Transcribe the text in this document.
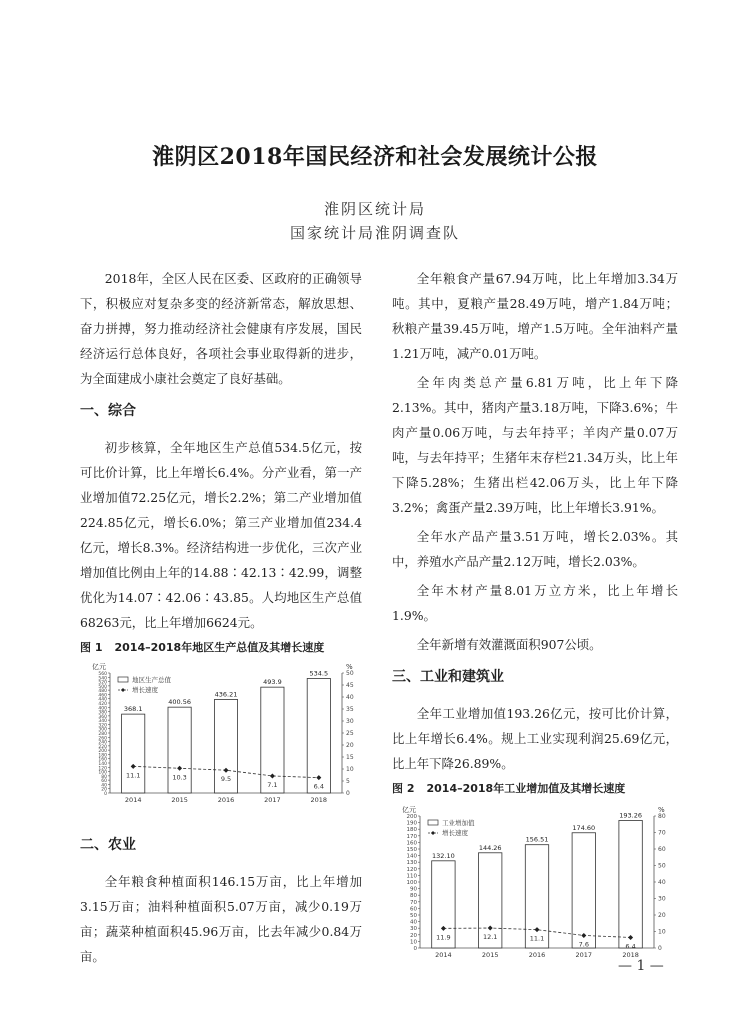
淮阴区2018年国民经济和社会发展统计公报
淮阴区统计局
国家统计局淮阴调查队

2018年，全区人民在区委、区政府的正确领导下，积极应对复杂多变的经济新常态，解放思想、奋力拼搏，努力推动经济社会健康有序发展，国民经济运行总体良好，各项社会事业取得新的进步，为全面建成小康社会奠定了良好基础。

一、综合

初步核算，全年地区生产总值534.5亿元，按可比价计算，比上年增长6.4%。分产业看，第一产业增加值72.25亿元，增长2.2%；第二产业增加值224.85亿元，增长6.0%；第三产业增加值234.4亿元，增长8.3%。经济结构进一步优化，三次产业增加值比例由上年的14.88∶42.13∶42.99，调整优化为14.07∶42.06∶43.85。人均地区生产总值68263元，比上年增加6624元。

图 1 2014–2018年地区生产总值及其增长速度
亿元	%
0
20
40
60
80
100
120
140
160
180
200
220
240
260
280
300
320
340
360
380
400
420
440
460
480
500
520
540
560
0
5
10
15
20
25
30
35
40
45
50
368.1
2014
400.56
2015
436.21
2016
493.9
2017
534.5
2018
11.1	10.3	9.5
7.1	6.4
地区生产总值
增长速度
二、农业

全年粮食种植面积146.15万亩，比上年增加3.15万亩；油料种植面积5.07万亩，减少0.19万亩；蔬菜种植面积45.96万亩，比去年减少0.84万亩。

全年粮食产量67.94万吨，比上年增加3.34万吨。其中，夏粮产量28.49万吨，增产1.84万吨；秋粮产量39.45万吨，增产1.5万吨。全年油料产量1.21万吨，减产0.01万吨。

全年肉类总产量6.81万吨，比上年下降2.13%。其中，猪肉产量3.18万吨，下降3.6%；牛肉产量0.06万吨，与去年持平；羊肉产量0.07万吨，与去年持平；生猪年末存栏21.34万头，比上年下降5.28%；生猪出栏42.06万头，比上年下降3.2%；禽蛋产量2.39万吨，比上年增长3.91%。

全年水产品产量3.51万吨，增长2.03%。其中，养殖水产品产量2.12万吨，增长2.03%。

全年木材产量8.01万立方米，比上年增长1.9%。

全年新增有效灌溉面积907公顷。

三、工业和建筑业

全年工业增加值193.26亿元，按可比价计算，比上年增长6.4%。规上工业实现利润25.69亿元，比上年下降26.89%。

图 2 2014–2018年工业增加值及其增长速度
亿元	%
0
10
20
30
40
50
60
70
80
90
100
110
120
130
140
150
160
170
180
190
200
0
10
20
30
40
50
60
70
80
132.10
2014
144.26
2015
156.51
2016
174.60
2017
193.26
2018
11.9	12.1	11.1
7.6	6.4
工业增加值
增长速度
— 1 —
